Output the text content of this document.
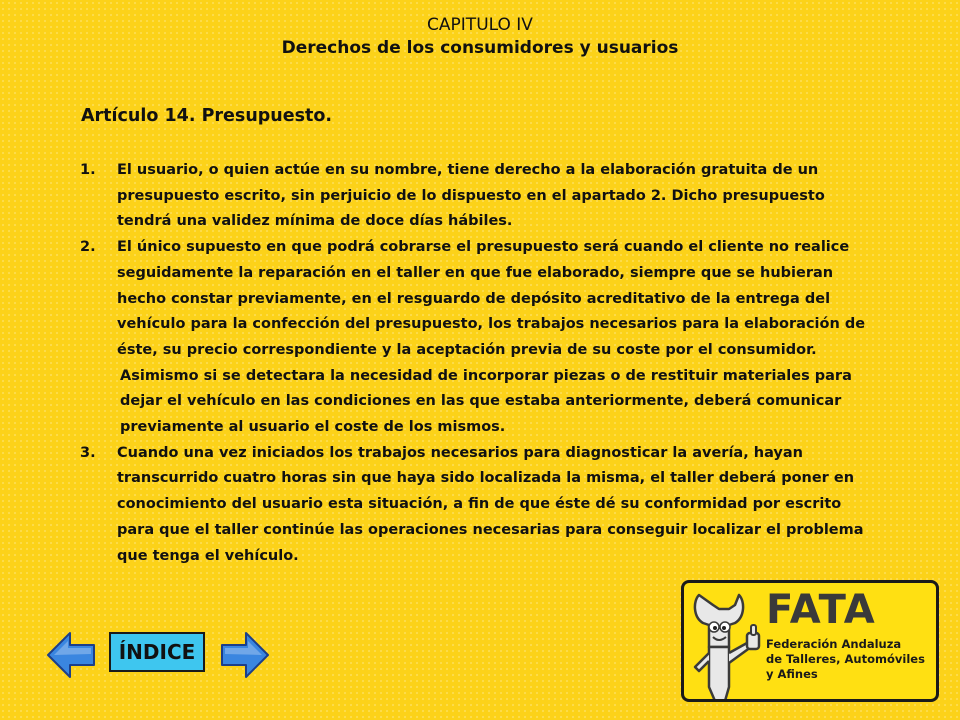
CAPITULO IV
Derechos de los consumidores y usuarios
Artículo 14. Presupuesto.
1. El usuario, o quien actúe en su nombre, tiene derecho a la elaboración gratuita de un presupuesto escrito, sin perjuicio de lo dispuesto en el apartado 2. Dicho presupuesto tendrá una validez mínima de doce días hábiles.
2. El único supuesto en que podrá cobrarse el presupuesto será cuando el cliente no realice seguidamente la reparación en el taller en que fue elaborado, siempre que se hubieran hecho constar previamente, en el resguardo de depósito acreditativo de la entrega del vehículo para la confección del presupuesto, los trabajos necesarios para la elaboración de éste, su precio correspondiente y la aceptación previa de su coste por el consumidor.
Asimismo si se detectara la necesidad de incorporar piezas o de restituir materiales para dejar el vehículo en las condiciones en las que estaba anteriormente, deberá comunicar previamente al usuario el coste de los mismos.
3. Cuando una vez iniciados los trabajos necesarios para diagnosticar la avería, hayan transcurrido cuatro horas sin que haya sido localizada la misma, el taller deberá poner en conocimiento del usuario esta situación, a fin de que éste dé su conformidad por escrito para que el taller continúe las operaciones necesarias para conseguir localizar el problema que tenga el vehículo.
ÍNDICE
FATA
Federación Andaluza
de Talleres, Automóviles
y Afines
